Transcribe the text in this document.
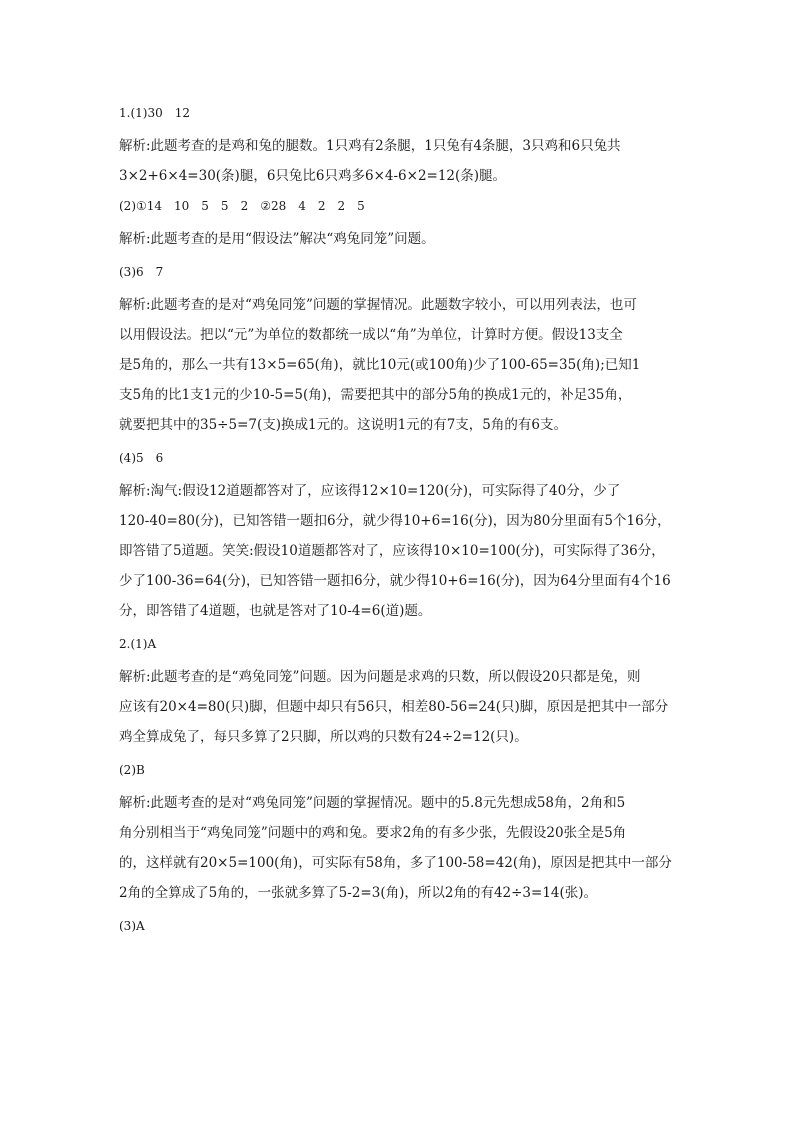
1.(1)30　12
解析:此题考查的是鸡和兔的腿数。1只鸡有2条腿，1只兔有4条腿，3只鸡和6只兔共
3×2+6×4=30(条)腿，6只兔比6只鸡多6×4-6×2=12(条)腿。
(2)①14　10　5　5　2　②28　4　2　2　5
解析:此题考查的是用“假设法”解决“鸡兔同笼”问题。
(3)6　7
解析:此题考查的是对“鸡兔同笼”问题的掌握情况。此题数字较小，可以用列表法，也可
以用假设法。把以“元”为单位的数都统一成以“角”为单位，计算时方便。假设13支全
是5角的，那么一共有13×5=65(角)，就比10元(或100角)少了100-65=35(角);已知1
支5角的比1支1元的少10-5=5(角)，需要把其中的部分5角的换成1元的，补足35角，
就要把其中的35÷5=7(支)换成1元的。这说明1元的有7支，5角的有6支。
(4)5　6
解析:淘气:假设12道题都答对了，应该得12×10=120(分)，可实际得了40分，少了
120-40=80(分)，已知答错一题扣6分，就少得10+6=16(分)，因为80分里面有5个16分，
即答错了5道题。笑笑:假设10道题都答对了，应该得10×10=100(分)，可实际得了36分，
少了100-36=64(分)，已知答错一题扣6分，就少得10+6=16(分)，因为64分里面有4个16
分，即答错了4道题，也就是答对了10-4=6(道)题。
2.(1)A
解析:此题考查的是“鸡兔同笼”问题。因为问题是求鸡的只数，所以假设20只都是兔，则
应该有20×4=80(只)脚，但题中却只有56只，相差80-56=24(只)脚，原因是把其中一部分
鸡全算成兔了，每只多算了2只脚，所以鸡的只数有24÷2=12(只)。
(2)B
解析:此题考查的是对“鸡兔同笼”问题的掌握情况。题中的5.8元先想成58角，2角和5
角分别相当于“鸡兔同笼”问题中的鸡和兔。要求2角的有多少张，先假设20张全是5角
的，这样就有20×5=100(角)，可实际有58角，多了100-58=42(角)，原因是把其中一部分
2角的全算成了5角的，一张就多算了5-2=3(角)，所以2角的有42÷3=14(张)。
(3)A
